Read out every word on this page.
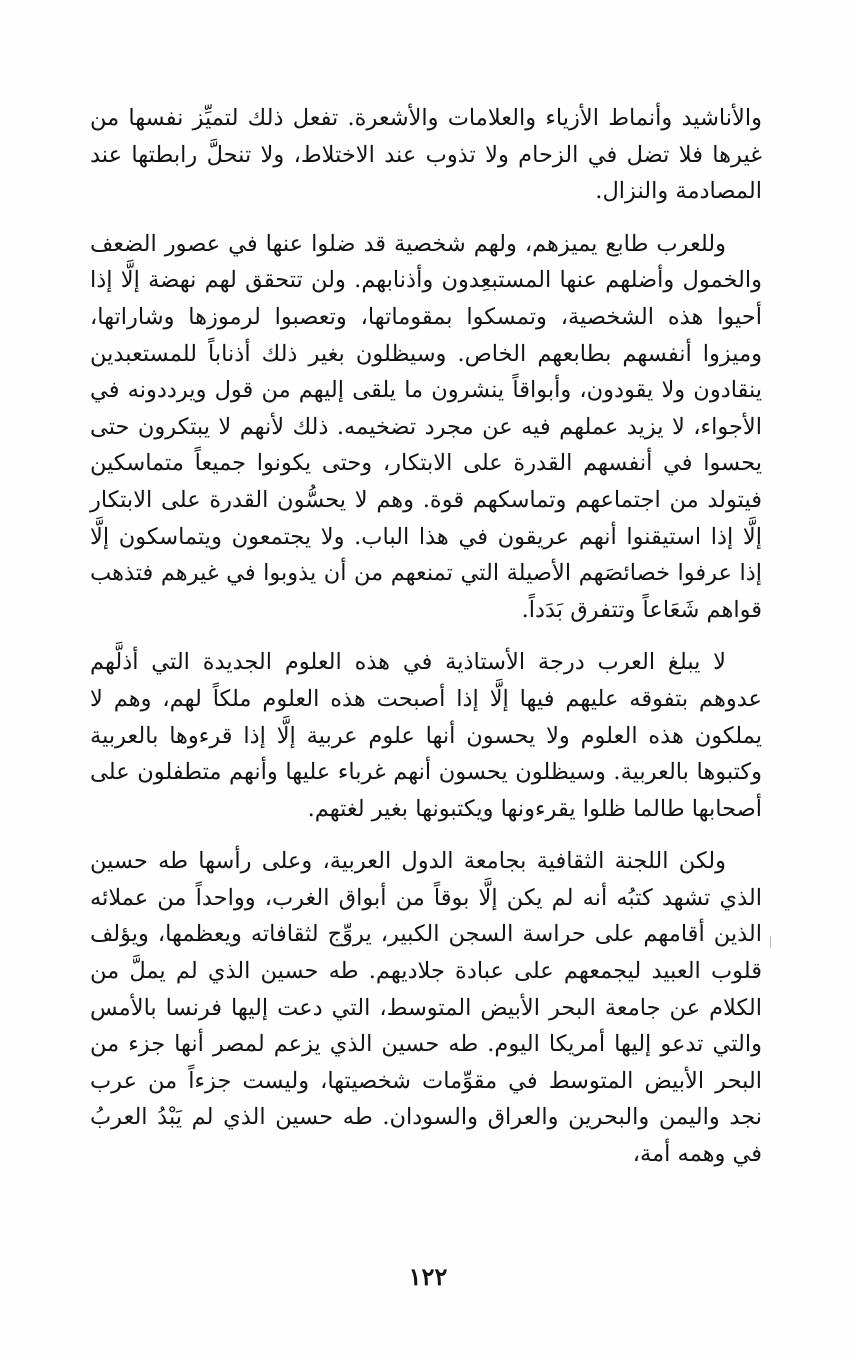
والأناشيد وأنماط الأزياء والعلامات والأشعرة. تفعل ذلك لتميِّز نفسها من غيرها فلا تضل في الزحام ولا تذوب عند الاختلاط، ولا تنحلَّ رابطتها عند المصادمة والنزال.

وللعرب طابع يميزهم، ولهم شخصية قد ضلوا عنها في عصور الضعف والخمول وأضلهم عنها المستبعِدون وأذنابهم. ولن تتحقق لهم نهضة إلَّا إذا أحيوا هذه الشخصية، وتمسكوا بمقوماتها، وتعصبوا لرموزها وشاراتها، وميزوا أنفسهم بطابعهم الخاص. وسيظلون بغير ذلك أذناباً للمستعبدين ينقادون ولا يقودون، وأبواقاً ينشرون ما يلقى إليهم من قول ويرددونه في الأجواء، لا يزيد عملهم فيه عن مجرد تضخيمه. ذلك لأنهم لا يبتكرون حتى يحسوا في أنفسهم القدرة على الابتكار، وحتى يكونوا جميعاً متماسكين فيتولد من اجتماعهم وتماسكهم قوة. وهم لا يحسُّون القدرة على الابتكار إلَّا إذا استيقنوا أنهم عريقون في هذا الباب. ولا يجتمعون ويتماسكون إلَّا إذا عرفوا خصائصَهم الأصيلة التي تمنعهم من أن يذوبوا في غيرهم فتذهب قواهم شَعَاعاً وتتفرق بَدَداً.

لا يبلغ العرب درجة الأستاذية في هذه العلوم الجديدة التي أذلَّهم عدوهم بتفوقه عليهم فيها إلَّا إذا أصبحت هذه العلوم ملكاً لهم، وهم لا يملكون هذه العلوم ولا يحسون أنها علوم عربية إلَّا إذا قرءوها بالعربية وكتبوها بالعربية. وسيظلون يحسون أنهم غرباء عليها وأنهم متطفلون على أصحابها طالما ظلوا يقرءونها ويكتبونها بغير لغتهم.

ولكن اللجنة الثقافية بجامعة الدول العربية، وعلى رأسها طه حسين الذي تشهد كتبُه أنه لم يكن إلَّا بوقاً من أبواق الغرب، وواحداً من عملائه الذين أقامهم على حراسة السجن الكبير، يروِّج لثقافاته ويعظمها، ويؤلف قلوب العبيد ليجمعهم على عبادة جلاديهم. طه حسين الذي لم يملَّ من الكلام عن جامعة البحر الأبيض المتوسط، التي دعت إليها فرنسا بالأمس والتي تدعو إليها أمريكا اليوم. طه حسين الذي يزعم لمصر أنها جزء من البحر الأبيض المتوسط في مقوِّمات شخصيتها، وليست جزءاً من عرب نجد واليمن والبحرين والعراق والسودان. طه حسين الذي لم يَبْدُ العربُ في وهمه أمة،

١٢٢
